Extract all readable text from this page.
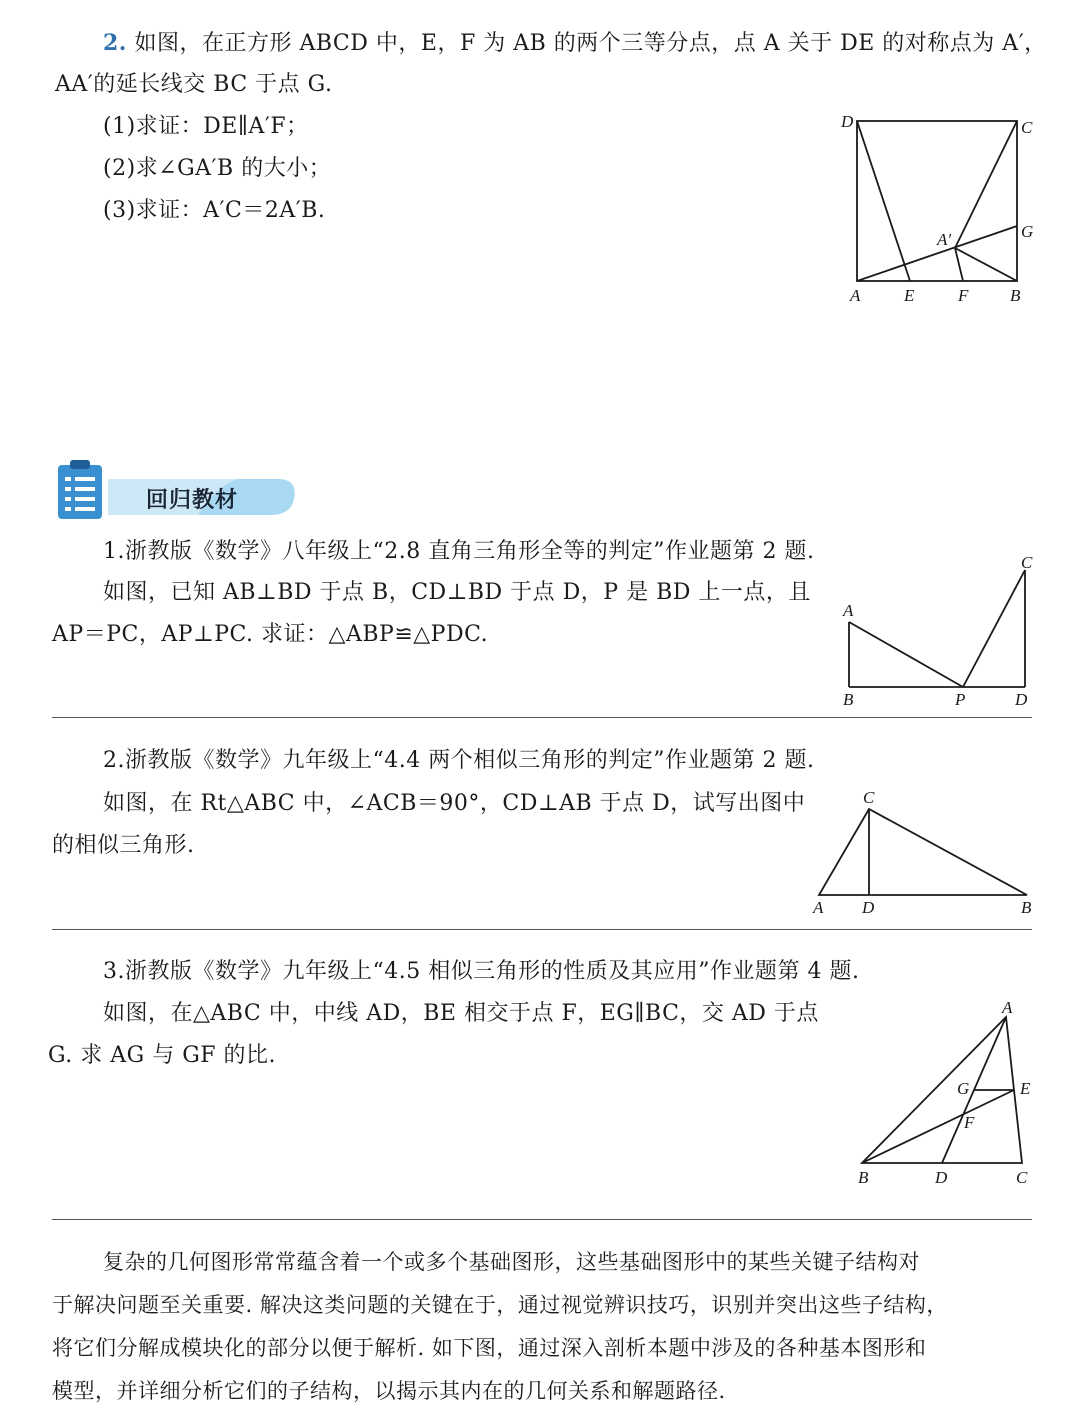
2. 如图，在正方形 ABCD 中，E，F 为 AB 的两个三等分点，点 A 关于 DE 的对称点为 A′，
AA′的延长线交 BC 于点 G.
(1)求证：DE∥A′F；
(2)求∠GA′B 的大小；
(3)求证：A′C＝2A′B.
D	C
G
A′
A	E	F B
回归教材
1.浙教版《数学》八年级上“2.8 直角三角形全等的判定”作业题第 2 题.
如图，已知 AB⊥BD 于点 B，CD⊥BD 于点 D，P 是 BD 上一点，且
AP＝PC，AP⊥PC. 求证：△ABP≌△PDC.
A
B	P	D
C
2.浙教版《数学》九年级上“4.4 两个相似三角形的判定”作业题第 2 题.
如图，在 Rt△ABC 中，∠ACB＝90°，CD⊥AB 于点 D，试写出图中
的相似三角形.
C
A D	B
3.浙教版《数学》九年级上“4.5 相似三角形的性质及其应用”作业题第 4 题.
如图，在△ABC 中，中线 AD，BE 相交于点 F，EG∥BC，交 AD 于点
G. 求 AG 与 GF 的比.
A
G	E
F
B	D	C
复杂的几何图形常常蕴含着一个或多个基础图形，这些基础图形中的某些关键子结构对
于解决问题至关重要. 解决这类问题的关键在于，通过视觉辨识技巧，识别并突出这些子结构，
将它们分解成模块化的部分以便于解析. 如下图，通过深入剖析本题中涉及的各种基本图形和
模型，并详细分析它们的子结构，以揭示其内在的几何关系和解题路径.
